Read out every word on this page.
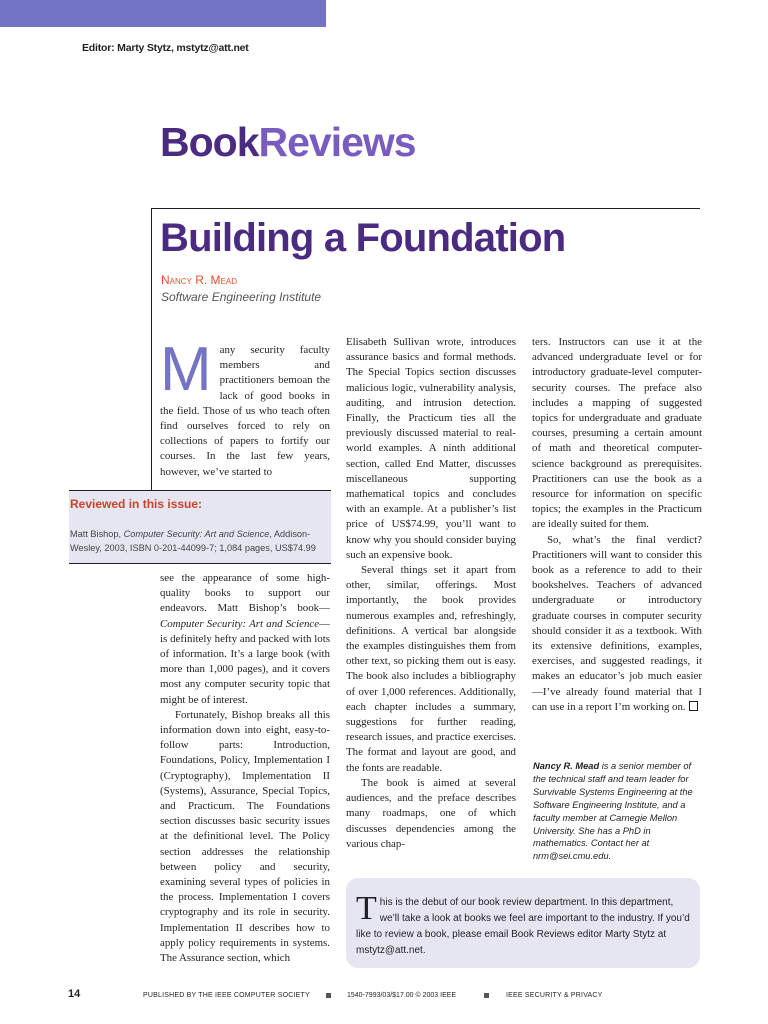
Editor: Marty Stytz, mstytz@att.net
BookReviews
Building a Foundation
Nancy R. Mead
Software Engineering Institute

Many security faculty members and practitioners bemoan the lack of good books in the field. Those of us who teach often find ourselves forced to rely on collections of papers to fortify our courses. In the last few years, however, we’ve started to

Reviewed in this issue:
Matt Bishop, Computer Security: Art and Science, Addison-Wesley, 2003, ISBN 0-201-44099-7; 1,084 pages, US$74.99

see the appearance of some high-quality books to support our endeavors. Matt Bishop’s book—Computer Security: Art and Science—is definitely hefty and packed with lots of information. It’s a large book (with more than 1,000 pages), and it covers most any computer security topic that might be of interest.

Fortunately, Bishop breaks all this information down into eight, easy-to-follow parts: Introduction, Foundations, Policy, Implementation I (Cryptography), Implementation II (Systems), Assurance, Special Topics, and Practicum. The Foundations section discusses basic security issues at the definitional level. The Policy section addresses the relationship between policy and security, examining several types of policies in the process. Implementation I covers cryptography and its role in security. Implementation II describes how to apply policy requirements in systems. The Assurance section, which

Elisabeth Sullivan wrote, introduces assurance basics and formal methods. The Special Topics section discusses malicious logic, vulnerability analysis, auditing, and intrusion detection. Finally, the Practicum ties all the previously discussed material to real-world examples. A ninth additional section, called End Matter, discusses miscellaneous supporting mathematical topics and concludes with an example. At a publisher’s list price of US$74.99, you’ll want to know why you should consider buying such an expensive book.

Several things set it apart from other, similar, offerings. Most importantly, the book provides numerous examples and, refreshingly, definitions. A vertical bar alongside the examples distinguishes them from other text, so picking them out is easy. The book also includes a bibliography of over 1,000 references. Additionally, each chapter includes a summary, suggestions for further reading, research issues, and practice exercises. The format and layout are good, and the fonts are readable.

The book is aimed at several audiences, and the preface describes many roadmaps, one of which discusses dependencies among the various chap-

ters. Instructors can use it at the advanced undergraduate level or for introductory graduate-level computer-security courses. The preface also includes a mapping of suggested topics for undergraduate and graduate courses, presuming a certain amount of math and theoretical computer-science background as prerequisites. Practitioners can use the book as a resource for information on specific topics; the examples in the Practicum are ideally suited for them.

So, what’s the final verdict? Practitioners will want to consider this book as a reference to add to their bookshelves. Teachers of advanced undergraduate or introductory graduate courses in computer security should consider it as a textbook. With its extensive definitions, examples, exercises, and suggested readings, it makes an educator’s job much easier—I’ve already found material that I can use in a report I’m working on.

Nancy R. Mead is a senior member of the technical staff and team leader for Survivable Systems Engineering at the Software Engineering Institute, and a faculty member at Carnegie Mellon University. She has a PhD in mathematics. Contact her at nrm@sei.cmu.edu.
This is the debut of our book review department. In this department, we’ll take a look at books we feel are important to the industry. If you’d like to review a book, please email Book Reviews editor Marty Stytz at mstytz@att.net.
14	PUBLISHED BY THE IEEE COMPUTER SOCIETY	1540-7993/03/$17.00 © 2003 IEEE	IEEE SECURITY & PRIVACY
